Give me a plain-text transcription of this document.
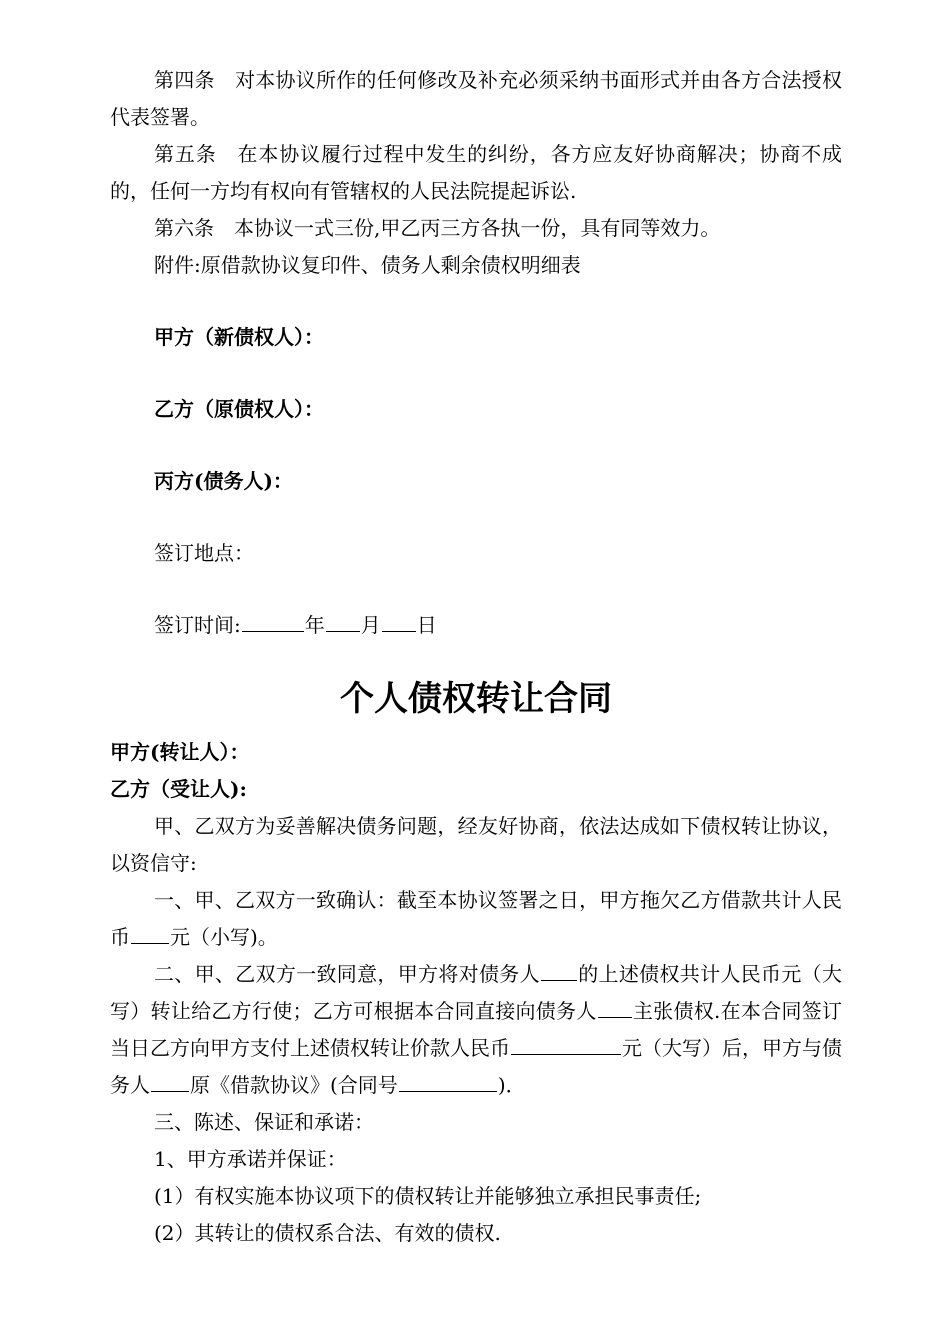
第四条　对本协议所作的任何修改及补充必须采纳书面形式并由各方合法授权代表签署。

第五条　在本协议履行过程中发生的纠纷，各方应友好协商解决；协商不成的，任何一方均有权向有管辖权的人民法院提起诉讼.

第六条　本协议一式三份,甲乙丙三方各执一份，具有同等效力。

附件:原借款协议复印件、债务人剩余债权明细表

甲方（新债权人）：
乙方（原债权人）：
丙方(债务人)：
签订地点：
签订时间:	年 月 日
个人债权转让合同

甲方(转让人）：

乙方（受让人):

甲、乙双方为妥善解决债务问题，经友好协商，依法达成如下债权转让协议，以资信守:

一、甲、乙双方一致确认：截至本协议签署之日，甲方拖欠乙方借款共计人民币 元（小写)。

二、甲、乙双方一致同意，甲方将对债务人 的上述债权共计人民币元（大写）转让给乙方行使；乙方可根据本合同直接向债务人 主张债权.在本合同签订当日乙方向甲方支付上述债权转让价款人民币	元（大写）后，甲方与债务人 原《借款协议》(合同号	)．

三、陈述、保证和承诺：

1、甲方承诺并保证：

(1）有权实施本协议项下的债权转让并能够独立承担民事责任;

(2）其转让的债权系合法、有效的债权.
